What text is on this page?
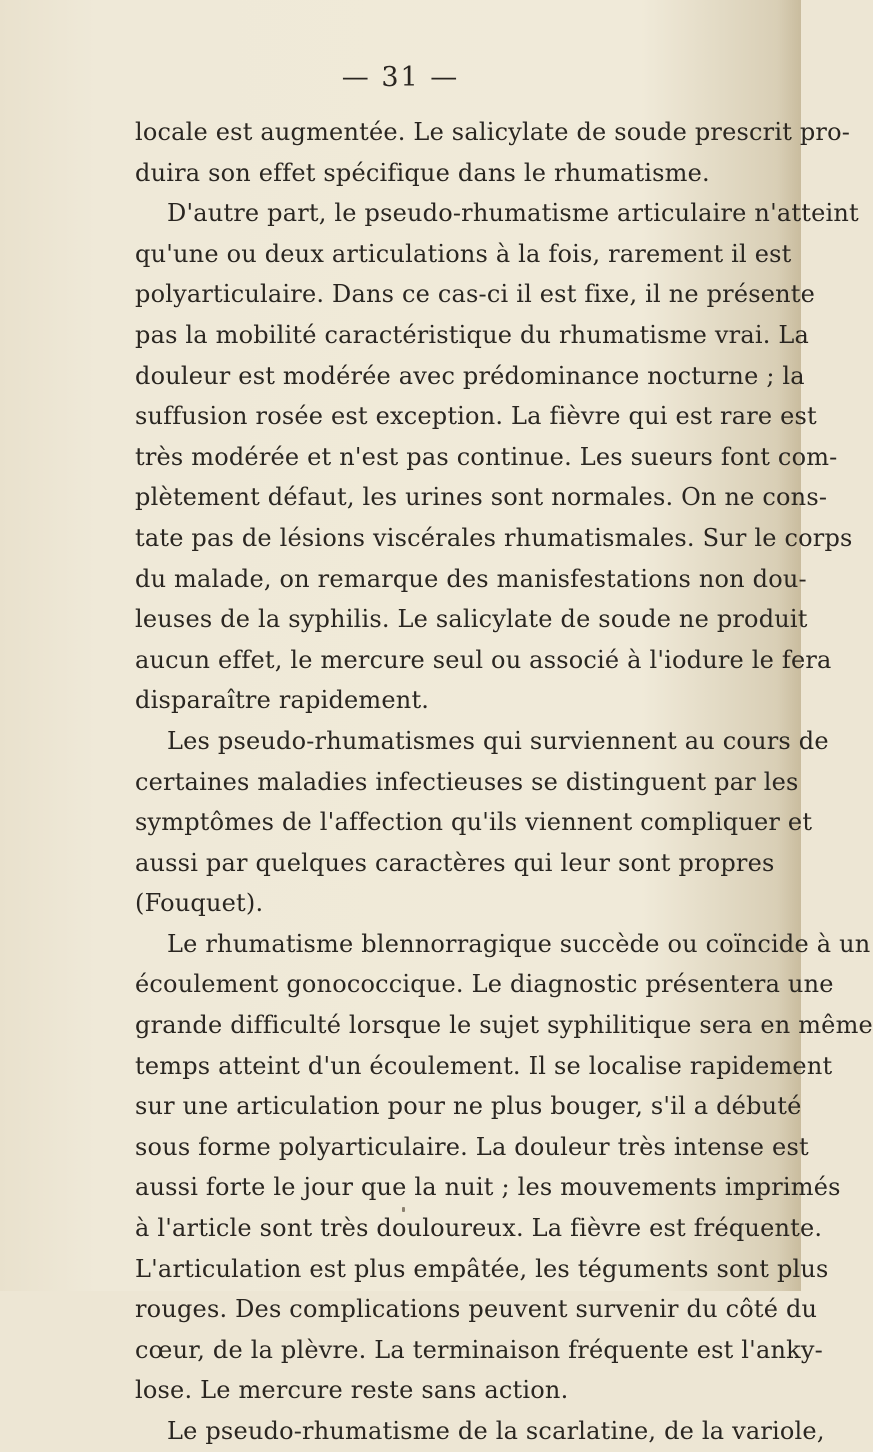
— 31 —
locale est augmentée. Le salicylate de soude prescrit pro-
duira son effet spécifique dans le rhumatisme.
D'autre part, le pseudo-rhumatisme articulaire n'atteint
qu'une ou deux articulations à la fois, rarement il est
polyarticulaire. Dans ce cas-ci il est fixe, il ne présente
pas la mobilité caractéristique du rhumatisme vrai. La
douleur est modérée avec prédominance nocturne ; la
suffusion rosée est exception. La fièvre qui est rare est
très modérée et n'est pas continue. Les sueurs font com-
plètement défaut, les urines sont normales. On ne cons-
tate pas de lésions viscérales rhumatismales. Sur le corps
du malade, on remarque des manisfestations non dou-
leuses de la syphilis. Le salicylate de soude ne produit
aucun effet, le mercure seul ou associé à l'iodure le fera
disparaître rapidement.
Les pseudo-rhumatismes qui surviennent au cours de
certaines maladies infectieuses se distinguent par les
symptômes de l'affection qu'ils viennent compliquer et
aussi par quelques caractères qui leur sont propres
(Fouquet).
Le rhumatisme blennorragique succède ou coïncide à un
écoulement gonococcique. Le diagnostic présentera une
grande difficulté lorsque le sujet syphilitique sera en même
temps atteint d'un écoulement. Il se localise rapidement
sur une articulation pour ne plus bouger, s'il a débuté
sous forme polyarticulaire. La douleur très intense est
aussi forte le jour que la nuit ; les mouvements imprimés
à l'article sont très douloureux. La fièvre est fréquente.
L'articulation est plus empâtée, les téguments sont plus
rouges. Des complications peuvent survenir du côté du
cœur, de la plèvre. La terminaison fréquente est l'anky-
lose. Le mercure reste sans action.
Le pseudo-rhumatisme de la scarlatine, de la variole,
